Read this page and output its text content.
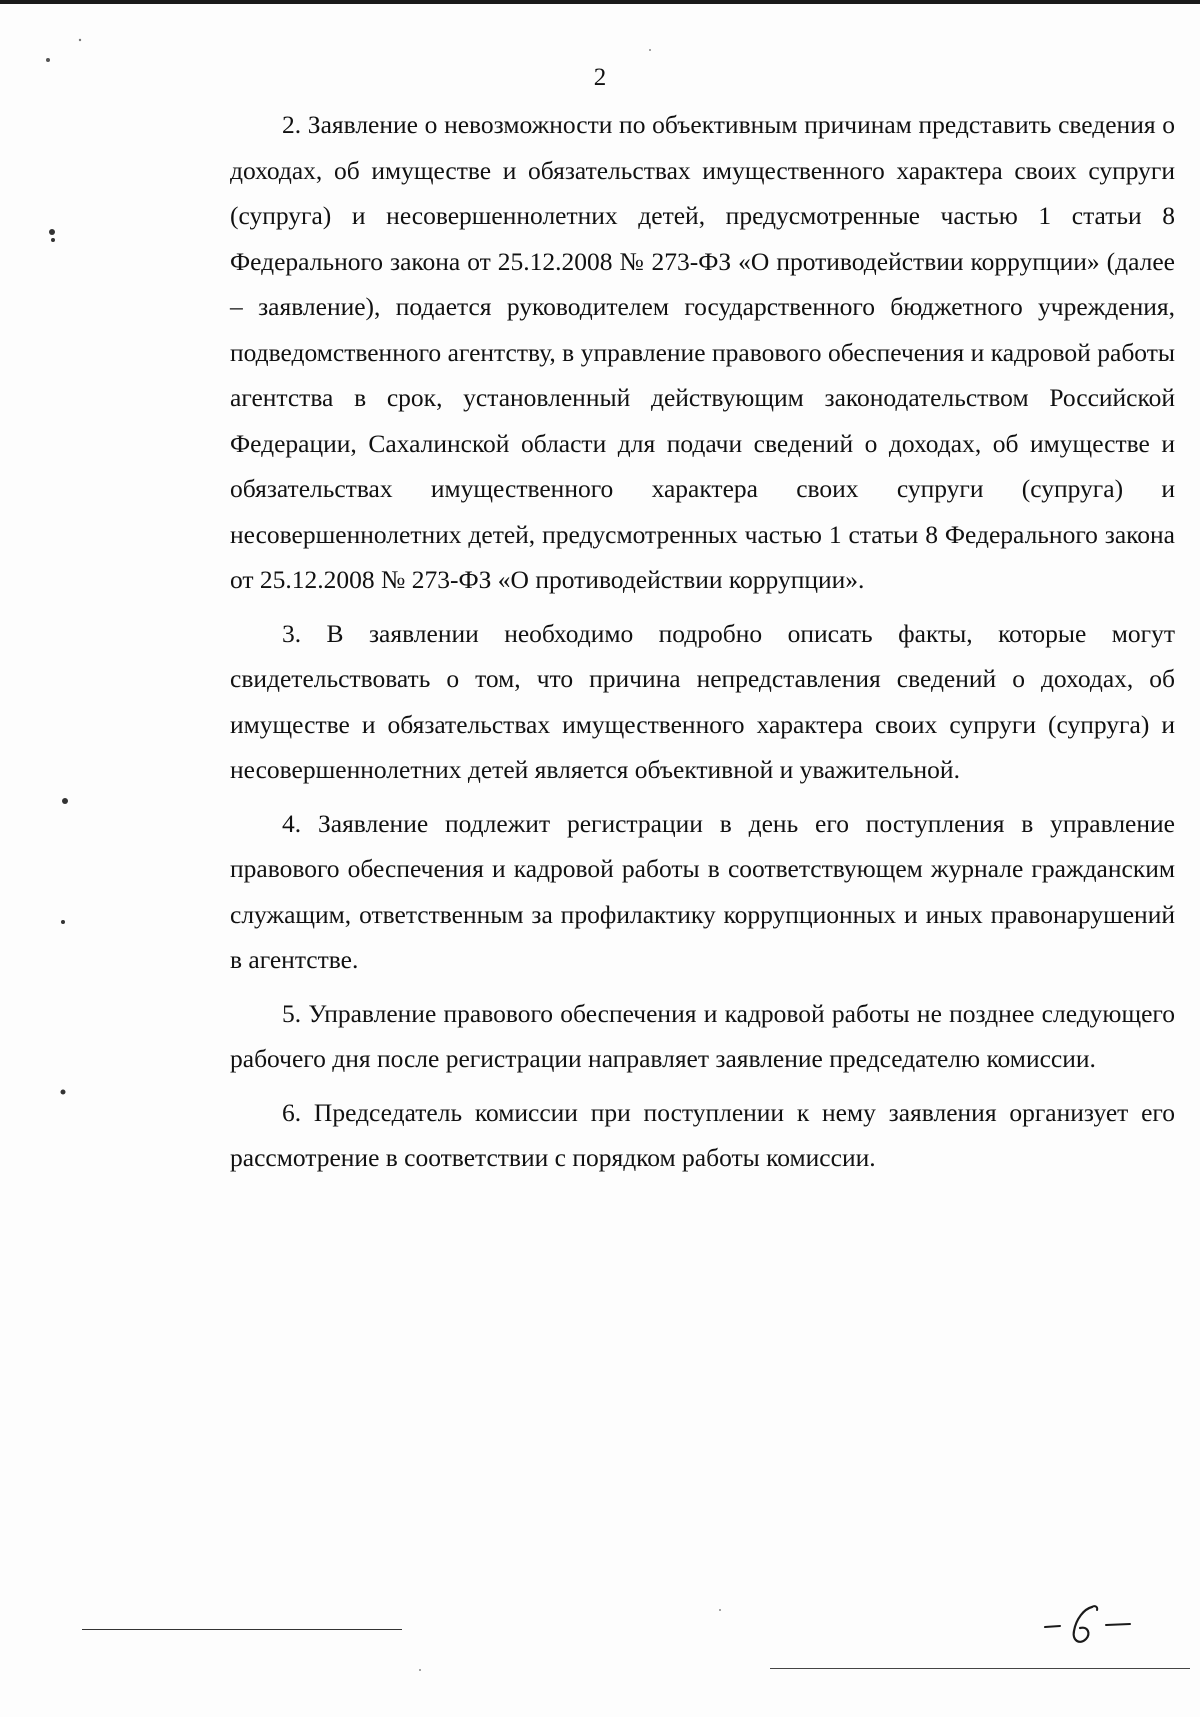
2

2. Заявление о невозможности по объективным причинам представить сведения о доходах, об имуществе и обязательствах имущественного характера своих супруги (супруга) и несовершеннолетних детей, предусмотренные частью 1 статьи 8 Федерального закона от 25.12.2008 № 273-ФЗ «О противодействии коррупции» (далее – заявление), подается руководителем государственного бюджетного учреждения, подведомственного агентству, в управление правового обеспечения и кадровой работы агентства в срок, установленный действующим законодательством Российской Федерации, Сахалинской области для подачи сведений о доходах, об имуществе и обязательствах имущественного характера своих супруги (супруга) и несовершеннолетних детей, предусмотренных частью 1 статьи 8 Федерального закона от 25.12.2008 № 273-ФЗ «О противодействии коррупции».

3. В заявлении необходимо подробно описать факты, которые могут свидетельствовать о том, что причина непредставления сведений о доходах, об имуществе и обязательствах имущественного характера своих супруги (супруга) и несовершеннолетних детей является объективной и уважительной.

4. Заявление подлежит регистрации в день его поступления в управление правового обеспечения и кадровой работы в соответствующем журнале гражданским служащим, ответственным за профилактику коррупционных и иных правонарушений в агентстве.

5. Управление правового обеспечения и кадровой работы не позднее следующего рабочего дня после регистрации направляет заявление председателю комиссии.

6. Председатель комиссии при поступлении к нему заявления организует его рассмотрение в соответствии с порядком работы комиссии.
